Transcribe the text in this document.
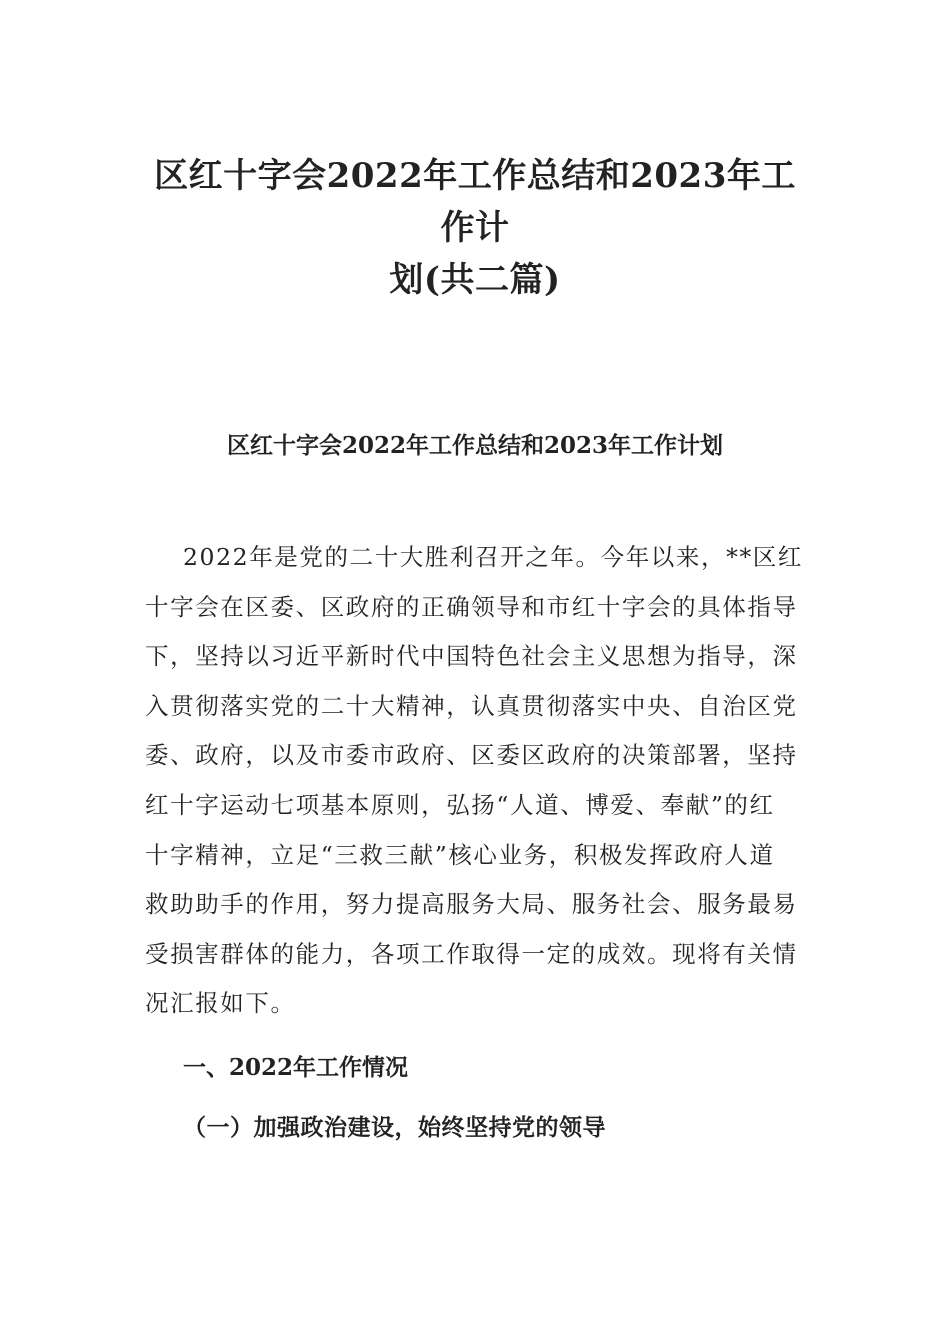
区红十字会2022年工作总结和2023年工作计
划(共二篇)
区红十字会2022年工作总结和2023年工作计划
2022年是党的二十大胜利召开之年。今年以来，**区红
十字会在区委、区政府的正确领导和市红十字会的具体指导
下，坚持以习近平新时代中国特色社会主义思想为指导，深
入贯彻落实党的二十大精神，认真贯彻落实中央、自治区党
委、政府，以及市委市政府、区委区政府的决策部署，坚持
红十字运动七项基本原则，弘扬“人道、博爱、奉献”的红
十字精神，立足“三救三献”核心业务，积极发挥政府人道
救助助手的作用，努力提高服务大局、服务社会、服务最易
受损害群体的能力，各项工作取得一定的成效。现将有关情
况汇报如下。
一、2022年工作情况
（一）加强政治建设，始终坚持党的领导
